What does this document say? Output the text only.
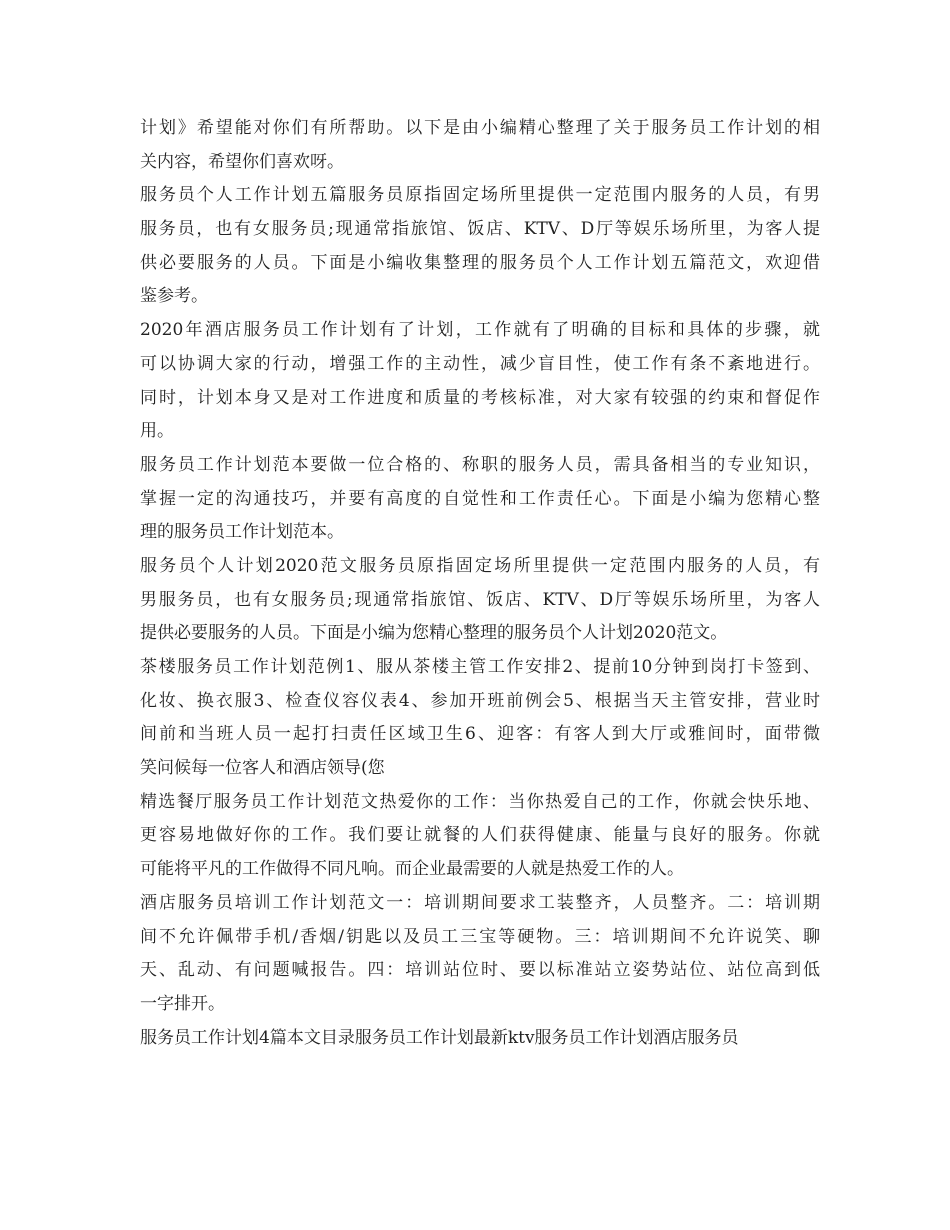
计划》希望能对你们有所帮助。以下是由小编精心整理了关于服务员工作计划的相
关内容，希望你们喜欢呀。
服务员个人工作计划五篇服务员原指固定场所里提供一定范围内服务的人员，有男
服务员，也有女服务员;现通常指旅馆、饭店、KTV、D厅等娱乐场所里，为客人提
供必要服务的人员。下面是小编收集整理的服务员个人工作计划五篇范文，欢迎借
鉴参考。
2020年酒店服务员工作计划有了计划，工作就有了明确的目标和具体的步骤，就
可以协调大家的行动，增强工作的主动性，减少盲目性，使工作有条不紊地进行。
同时，计划本身又是对工作进度和质量的考核标准，对大家有较强的约束和督促作
用。
服务员工作计划范本要做一位合格的、称职的服务人员，需具备相当的专业知识，
掌握一定的沟通技巧，并要有高度的自觉性和工作责任心。下面是小编为您精心整
理的服务员工作计划范本。
服务员个人计划2020范文服务员原指固定场所里提供一定范围内服务的人员，有
男服务员，也有女服务员;现通常指旅馆、饭店、KTV、D厅等娱乐场所里，为客人
提供必要服务的人员。下面是小编为您精心整理的服务员个人计划2020范文。
茶楼服务员工作计划范例1、服从茶楼主管工作安排2、提前10分钟到岗打卡签到、
化妆、换衣服3、检查仪容仪表4、参加开班前例会5、根据当天主管安排，营业时
间前和当班人员一起打扫责任区域卫生6、迎客：有客人到大厅或雅间时，面带微
笑问候每一位客人和酒店领导(您
精选餐厅服务员工作计划范文热爱你的工作：当你热爱自己的工作，你就会快乐地、
更容易地做好你的工作。我们要让就餐的人们获得健康、能量与良好的服务。你就
可能将平凡的工作做得不同凡响。而企业最需要的人就是热爱工作的人。
酒店服务员培训工作计划范文一：培训期间要求工装整齐，人员整齐。二：培训期
间不允许佩带手机/香烟/钥匙以及员工三宝等硬物。三：培训期间不允许说笑、聊
天、乱动、有问题喊报告。四：培训站位时、要以标准站立姿势站位、站位高到低
一字排开。
服务员工作计划4篇本文目录服务员工作计划最新ktv服务员工作计划酒店服务员
